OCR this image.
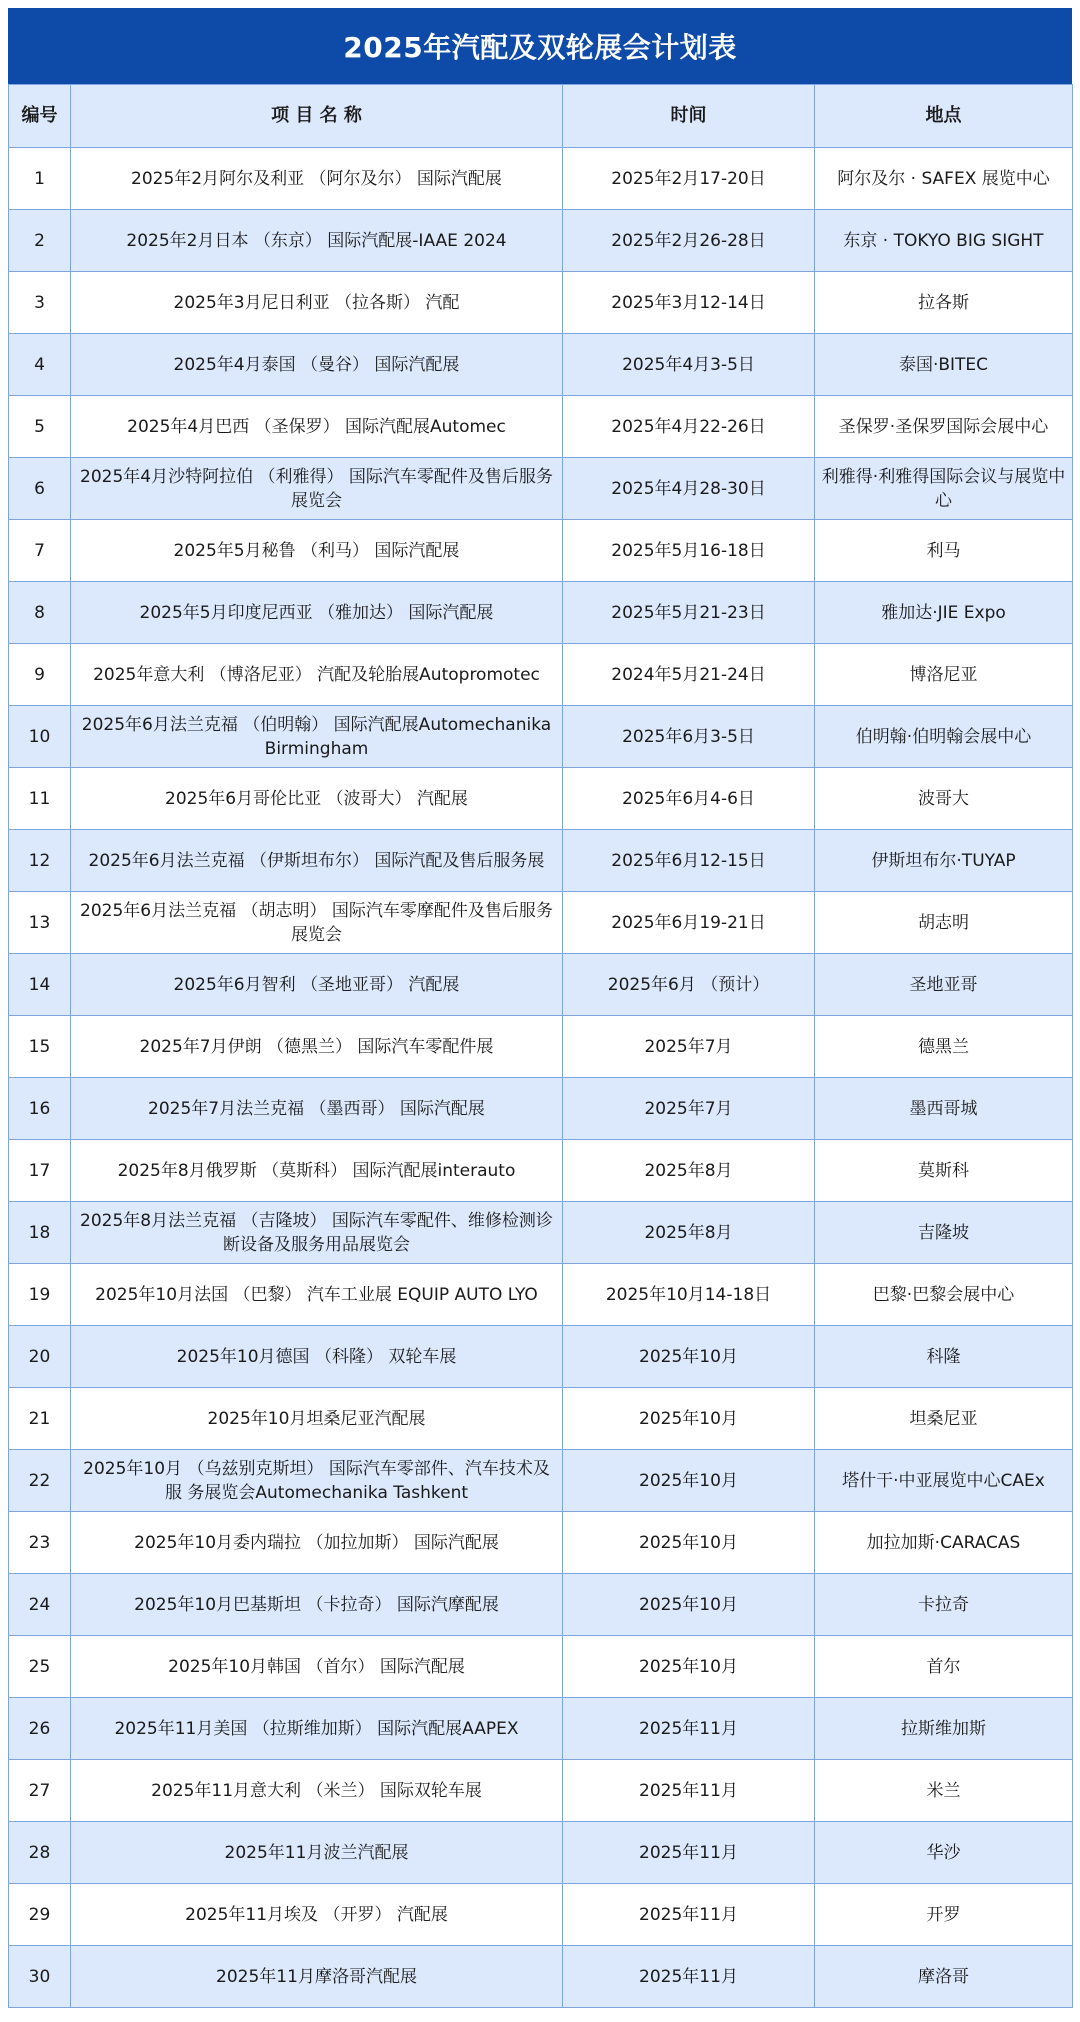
2025年汽配及双轮展会计划表
编号	项 目 名 称	时间	地点
1	2025年2月阿尔及利亚 （阿尔及尔） 国际汽配展	2025年2月17-20日	阿尔及尔 · SAFEX 展览中心
2	2025年2月日本 （东京） 国际汽配展-IAAE 2024	2025年2月26-28日	东京 · TOKYO BIG SIGHT
3	2025年3月尼日利亚 （拉各斯） 汽配	2025年3月12-14日	拉各斯
4	2025年4月泰国 （曼谷） 国际汽配展	2025年4月3-5日	泰国·BITEC
5	2025年4月巴西 （圣保罗） 国际汽配展Automec	2025年4月22-26日	圣保罗·圣保罗国际会展中心
6	2025年4月沙特阿拉伯 （利雅得） 国际汽车零配件及售后服务展览会	2025年4月28-30日	利雅得·利雅得国际会议与展览中心
7	2025年5月秘鲁 （利马） 国际汽配展	2025年5月16-18日	利马
8	2025年5月印度尼西亚 （雅加达） 国际汽配展	2025年5月21-23日	雅加达·JIE Expo
9	2025年意大利 （博洛尼亚） 汽配及轮胎展Autopromotec	2024年5月21-24日	博洛尼亚
10	2025年6月法兰克福 （伯明翰） 国际汽配展Automechanika Birmingham	2025年6月3-5日	伯明翰·伯明翰会展中心
11	2025年6月哥伦比亚 （波哥大） 汽配展	2025年6月4-6日	波哥大
12	2025年6月法兰克福 （伊斯坦布尔） 国际汽配及售后服务展	2025年6月12-15日	伊斯坦布尔·TUYAP
13	2025年6月法兰克福 （胡志明） 国际汽车零摩配件及售后服务展览会	2025年6月19-21日	胡志明
14	2025年6月智利 （圣地亚哥） 汽配展	2025年6月 （预计）	圣地亚哥
15	2025年7月伊朗 （德黑兰） 国际汽车零配件展	2025年7月	德黑兰
16	2025年7月法兰克福 （墨西哥） 国际汽配展	2025年7月	墨西哥城
17	2025年8月俄罗斯 （莫斯科） 国际汽配展interauto	2025年8月	莫斯科
18	2025年8月法兰克福 （吉隆坡） 国际汽车零配件、维修检测诊断设备及服务用品展览会	2025年8月	吉隆坡
19	2025年10月法国 （巴黎） 汽车工业展 EQUIP AUTO LYO	2025年10月14-18日	巴黎·巴黎会展中心
20	2025年10月德国 （科隆） 双轮车展	2025年10月	科隆
21	2025年10月坦桑尼亚汽配展	2025年10月	坦桑尼亚
22	2025年10月 （乌兹别克斯坦） 国际汽车零部件、汽车技术及服 务展览会Automechanika Tashkent	2025年10月	塔什干·中亚展览中心CAEx
23	2025年10月委内瑞拉 （加拉加斯） 国际汽配展	2025年10月	加拉加斯·CARACAS
24	2025年10月巴基斯坦 （卡拉奇） 国际汽摩配展	2025年10月	卡拉奇
25	2025年10月韩国 （首尔） 国际汽配展	2025年10月	首尔
26	2025年11月美国 （拉斯维加斯） 国际汽配展AAPEX	2025年11月	拉斯维加斯
27	2025年11月意大利 （米兰） 国际双轮车展	2025年11月	米兰
28	2025年11月波兰汽配展	2025年11月	华沙
29	2025年11月埃及 （开罗） 汽配展	2025年11月	开罗
30	2025年11月摩洛哥汽配展	2025年11月	摩洛哥
